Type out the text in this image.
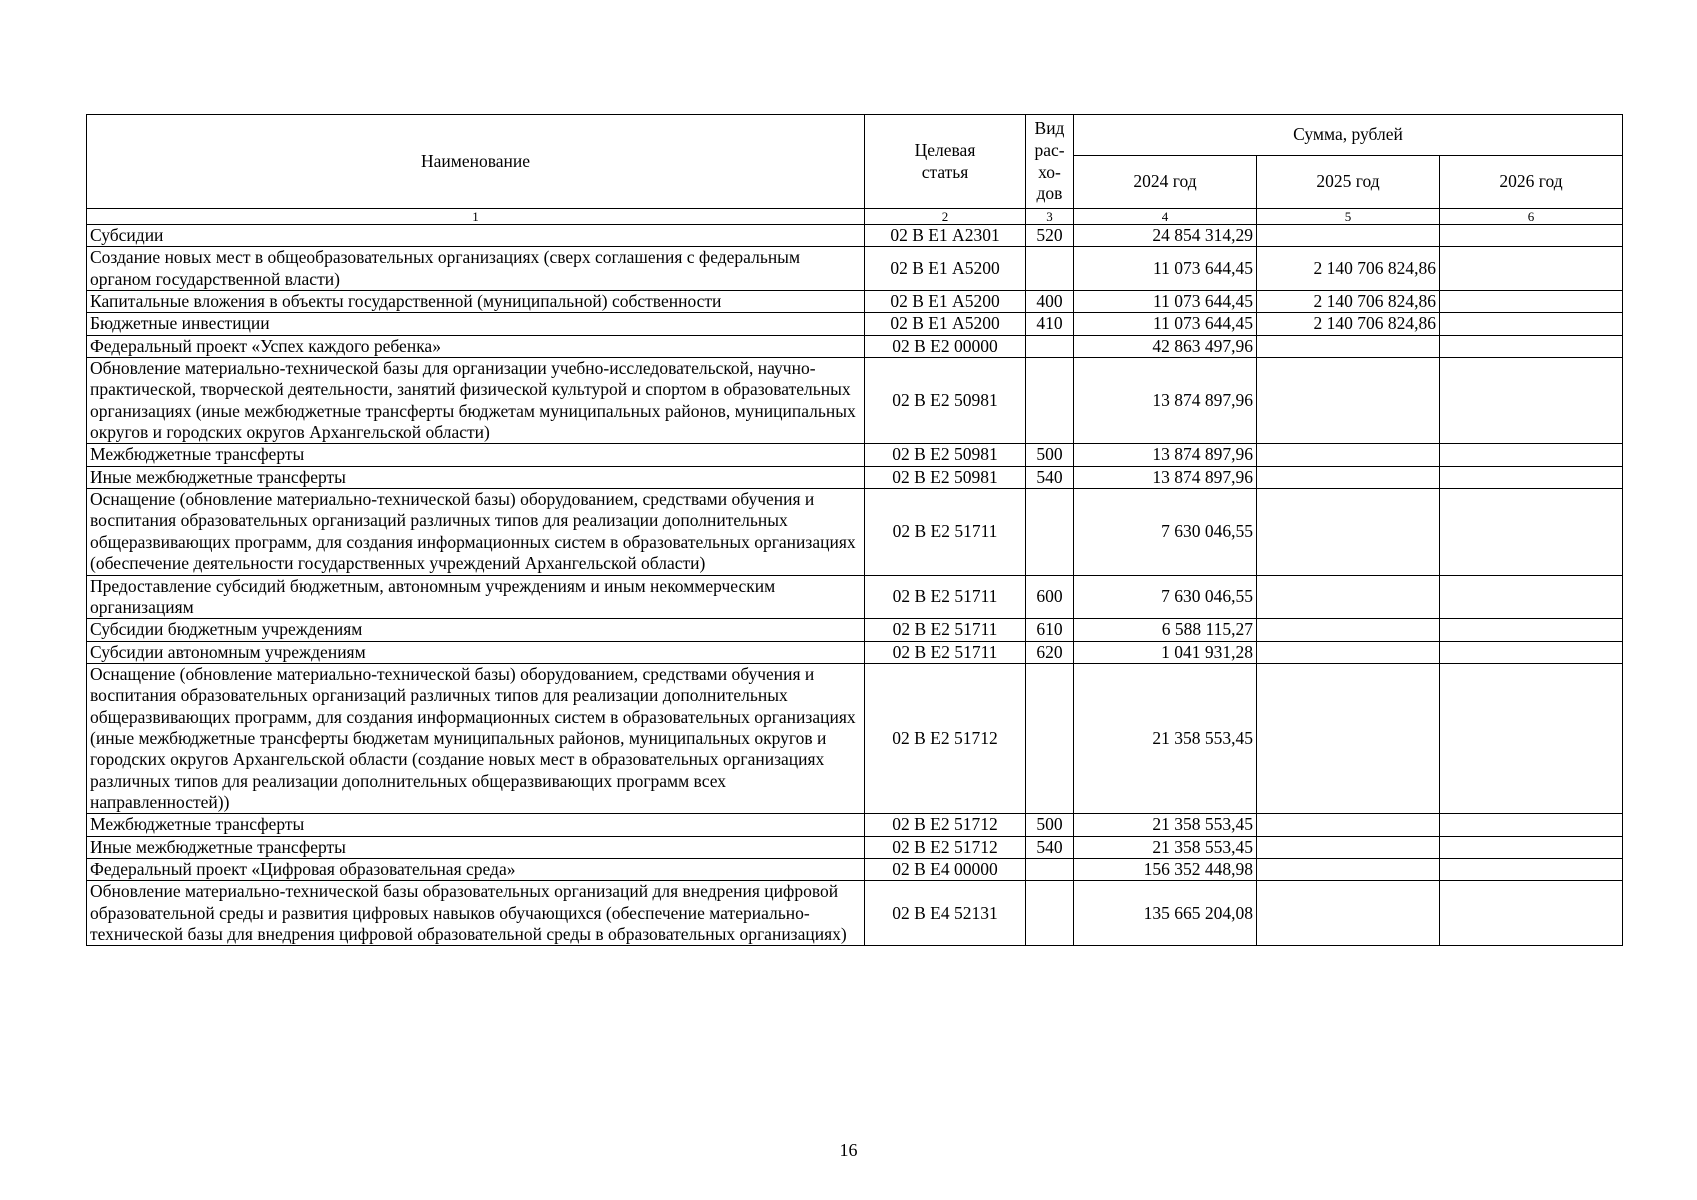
Наименование	Целевая статья	Вид рас-хо-дов	Сумма, рублей		
			2024 год	2025 год	2026 год
1	2	3	4	5	6
Субсидии	02 В Е1 А2301	520	24 854 314,29		
Создание новых мест в общеобразовательных организациях (сверх соглашения с федеральным органом государственной власти)	02 В Е1 А5200		11 073 644,45	2 140 706 824,86	
Капитальные вложения в объекты государственной (муниципальной) собственности	02 В Е1 А5200	400	11 073 644,45	2 140 706 824,86	
Бюджетные инвестиции	02 В Е1 А5200	410	11 073 644,45	2 140 706 824,86	
Федеральный проект «Успех каждого ребенка»	02 В Е2 00000		42 863 497,96		
Обновление материально-технической базы для организации учебно-исследовательской, научно-практической, творческой деятельности, занятий физической культурой и спортом в образовательных организациях (иные межбюджетные трансферты бюджетам муниципальных районов, муниципальных округов и городских округов Архангельской области)	02 В Е2 50981		13 874 897,96		
Межбюджетные трансферты	02 В Е2 50981	500	13 874 897,96		
Иные межбюджетные трансферты	02 В Е2 50981	540	13 874 897,96		
Оснащение (обновление материально-технической базы) оборудованием, средствами обучения и воспитания образовательных организаций различных типов для реализации дополнительных общеразвивающих программ, для создания информационных систем в образовательных организациях (обеспечение деятельности государственных учреждений Архангельской области)	02 В Е2 51711		7 630 046,55		
Предоставление субсидий бюджетным, автономным учреждениям и иным некоммерческим организациям	02 В Е2 51711	600	7 630 046,55		
Субсидии бюджетным учреждениям	02 В Е2 51711	610	6 588 115,27		
Субсидии автономным учреждениям	02 В Е2 51711	620	1 041 931,28		
Оснащение (обновление материально-технической базы) оборудованием, средствами обучения и воспитания образовательных организаций различных типов для реализации дополнительных общеразвивающих программ, для создания информационных систем в образовательных организациях (иные межбюджетные трансферты бюджетам муниципальных районов, муниципальных округов и городских округов Архангельской области (создание новых мест в образовательных организациях различных типов для реализации дополнительных общеразвивающих программ всех направленностей))	02 В Е2 51712		21 358 553,45		
Межбюджетные трансферты	02 В Е2 51712	500	21 358 553,45		
Иные межбюджетные трансферты	02 В Е2 51712	540	21 358 553,45		
Федеральный проект «Цифровая образовательная среда»	02 В Е4 00000		156 352 448,98		
Обновление материально-технической базы образовательных организаций для внедрения цифровой образовательной среды и развития цифровых навыков обучающихся (обеспечение материально-технической базы для внедрения цифровой образовательной среды в образовательных организациях)	02 В Е4 52131		135 665 204,08		
16
